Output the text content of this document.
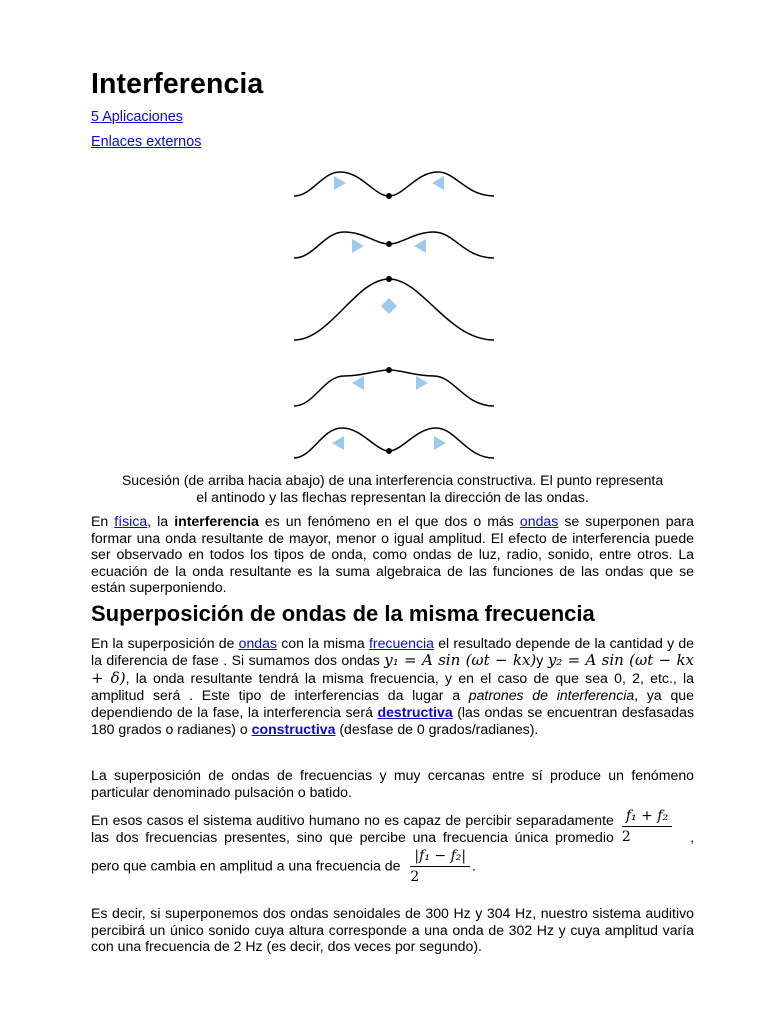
Interferencia
5 Aplicaciones
Enlaces externos
Sucesión (de arriba hacia abajo) de una interferencia constructiva. El punto representa
el antinodo y las flechas representan la dirección de las ondas.
En física, la interferencia es un fenómeno en el que dos o más ondas se superponen para formar una onda resultante de mayor, menor o igual amplitud. El efecto de interferencia puede ser observado en todos los tipos de onda, como ondas de luz, radio, sonido, entre otros. La ecuación de la onda resultante es la suma algebraica de las funciones de las ondas que se están superponiendo.
Superposición de ondas de la misma frecuencia
En la superposición de ondas con la misma frecuencia el resultado depende de la cantidad y de la diferencia de fase . Si sumamos dos ondas y₁ = A sin (ωt − kx)y y₂ = A sin (ωt − kx + δ), la onda resultante tendrá la misma frecuencia, y en el caso de que sea 0, 2, etc., la amplitud será . Este tipo de interferencias da lugar a patrones de interferencia, ya que dependiendo de la fase, la interferencia será destructiva (las ondas se encuentran desfasadas 180 grados o radianes) o constructiva (desfase de 0 grados/radianes).
La superposición de ondas de frecuencias y muy cercanas entre sí produce un fenómeno particular denominado pulsación o batido.
En esos casos el sistema auditivo humano no es capaz de percibir separadamente las dos frecuencias presentes, sino que percibe una frecuencia única promedio $\frac{\text{f₁ + f₂}}{2}$ ,
pero que cambia en amplitud a una frecuencia de $\frac{\text{|f₁ − f₂|}}{2}$ .
Es decir, si superponemos dos ondas senoidales de 300 Hz y 304 Hz, nuestro sistema auditivo percibirá un único sonido cuya altura corresponde a una onda de 302 Hz y cuya amplitud varía con una frecuencia de 2 Hz (es decir, dos veces por segundo).
